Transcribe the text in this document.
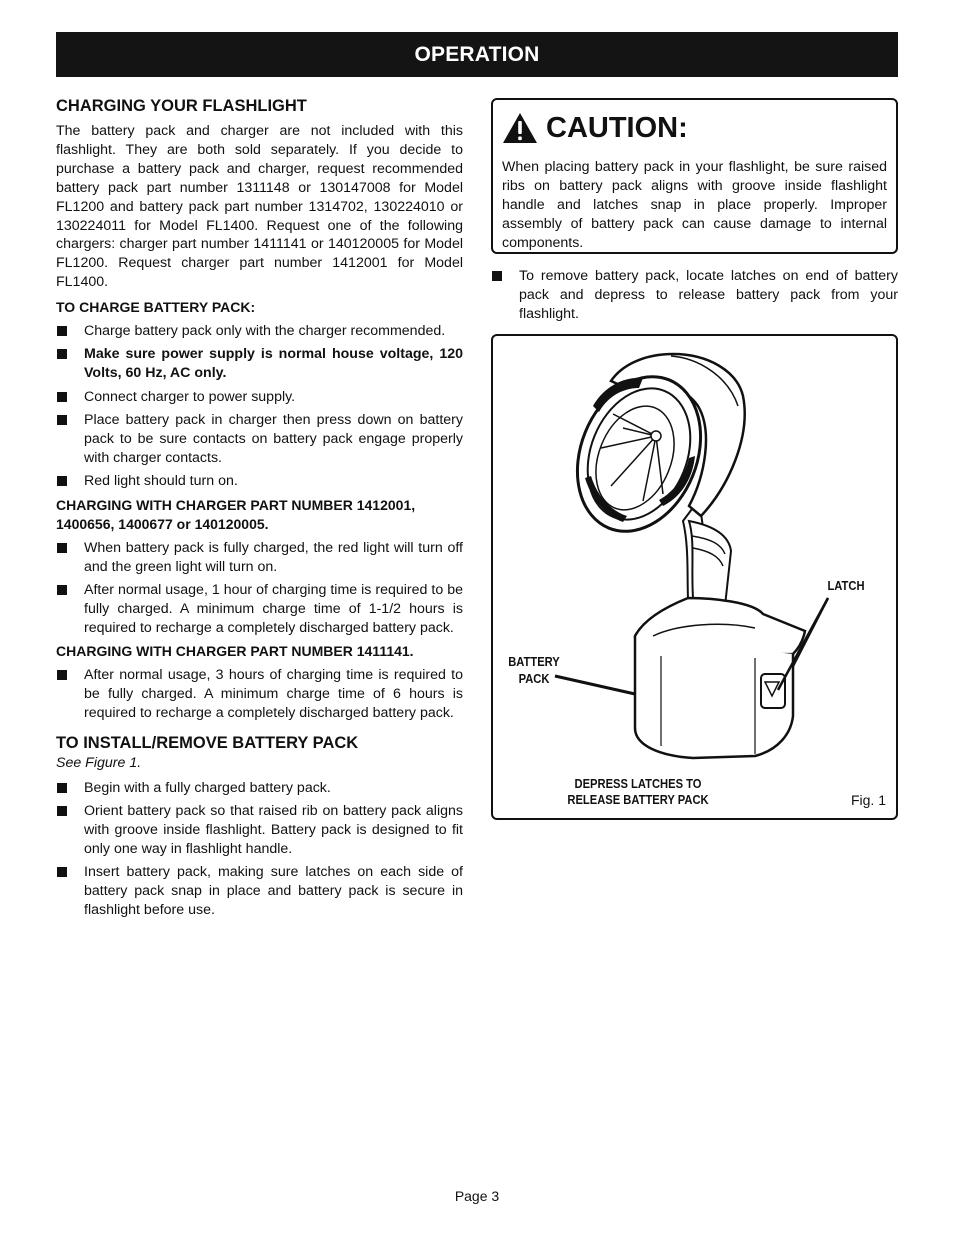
OPERATION
CHARGING YOUR FLASHLIGHT

The battery pack and charger are not included with this flashlight. They are both sold separately. If you decide to purchase a battery pack and charger, request recommended battery pack part number 1311148 or 130147008 for Model FL1200 and battery pack part number 1314702, 130224010 or 130224011 for Model FL1400. Request one of the following chargers: charger part number 1411141 or 140120005 for Model FL1200. Request charger part number 1412001 for Model FL1400.

TO CHARGE BATTERY PACK:
Charge battery pack only with the charger recommended.
Make sure power supply is normal house voltage, 120 Volts, 60 Hz, AC only.
Connect charger to power supply.
Place battery pack in charger then press down on battery pack to be sure contacts on battery pack engage properly with charger contacts.
Red light should turn on.
CHARGING WITH CHARGER PART NUMBER 1412001, 1400656, 1400677 or 140120005.
When battery pack is fully charged, the red light will turn off and the green light will turn on.
After normal usage, 1 hour of charging time is required to be fully charged. A minimum charge time of 1-1/2 hours is required to recharge a completely discharged battery pack.
CHARGING WITH CHARGER PART NUMBER 1411141.
After normal usage, 3 hours of charging time is required to be fully charged. A minimum charge time of 6 hours is required to recharge a completely discharged battery pack.
TO INSTALL/REMOVE BATTERY PACK
See Figure 1.
Begin with a fully charged battery pack.
Orient battery pack so that raised rib on battery pack aligns with groove inside flashlight. Battery pack is designed to fit only one way in flashlight handle.
Insert battery pack, making sure latches on each side of battery pack snap in place and battery pack is secure in flashlight before use.
CAUTION:

When placing battery pack in your flashlight, be sure raised ribs on battery pack aligns with groove inside flashlight handle and latches snap in place properly. Improper assembly of battery pack can cause damage to internal components.

To remove battery pack, locate latches on end of battery pack and depress to release battery pack from your flashlight.
LATCH
BATTERY
PACK
DEPRESS LATCHES TO
RELEASE BATTERY PACK	Fig. 1
Page 3
